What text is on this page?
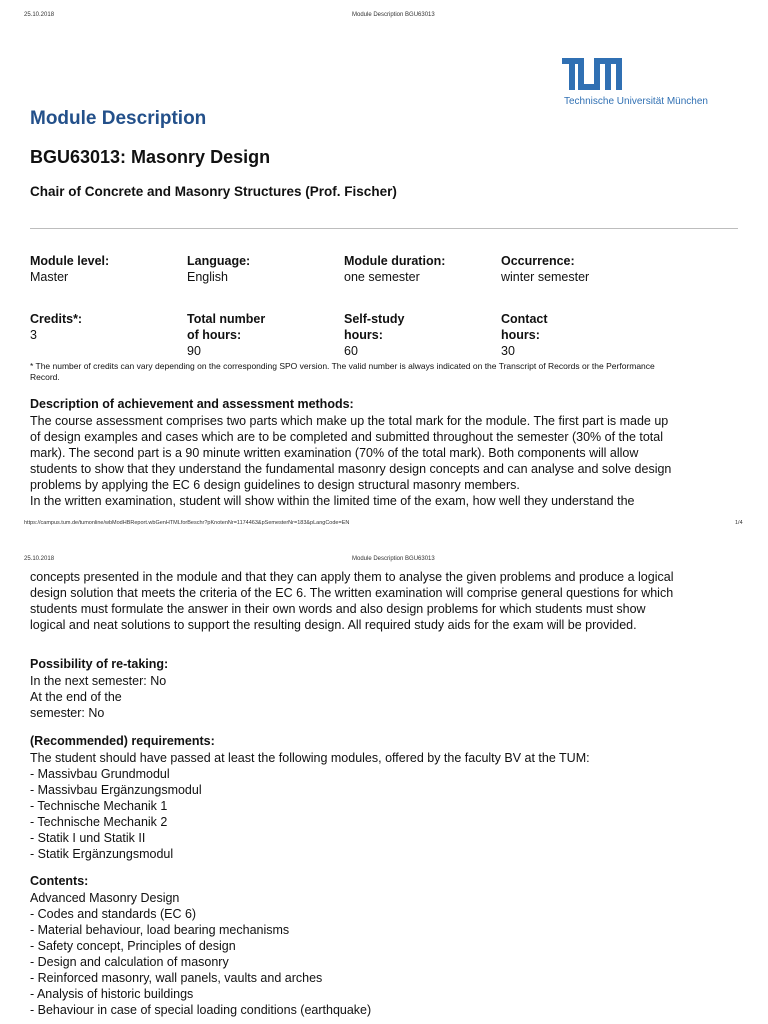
25.10.2018	Module Description BGU63013
Technische Universität München
Module Description
BGU63013: Masonry Design
Chair of Concrete and Masonry Structures (Prof. Fischer)
Module level:
Master
Language:
English
Module duration:
one semester
Occurrence:
winter semester
Credits*:
3
Total number
of hours:
90
Self-study
hours:
60
Contact
hours:
30
* The number of credits can vary depending on the corresponding SPO version. The valid number is always indicated on the Transcript of Records or the Performance
Record.
Description of achievement and assessment methods:
The course assessment comprises two parts which make up the total mark for the module. The first part is made up
of design examples and cases which are to be completed and submitted throughout the semester (30% of the total
mark). The second part is a 90 minute written examination (70% of the total mark). Both components will allow
students to show that they understand the fundamental masonry design concepts and can analyse and solve design
problems by applying the EC 6 design guidelines to design structural masonry members.
In the written examination, student will show within the limited time of the exam, how well they understand the
https://campus.tum.de/tumonline/wbModHBReport.wbGenHTMLforBeschr?pKnotenNr=1174463&pSemesterNr=183&pLangCode=EN	1/4
25.10.2018	Module Description BGU63013
concepts presented in the module and that they can apply them to analyse the given problems and produce a logical
design solution that meets the criteria of the EC 6. The written examination will comprise general questions for which
students must formulate the answer in their own words and also design problems for which students must show
logical and neat solutions to support the resulting design. All required study aids for the exam will be provided.
Possibility of re-taking:
In the next semester: No
At the end of the
semester: No
(Recommended) requirements:
The student should have passed at least the following modules, offered by the faculty BV at the TUM:
- Massivbau Grundmodul
- Massivbau Ergänzungsmodul
- Technische Mechanik 1
- Technische Mechanik 2
- Statik I und Statik II
- Statik Ergänzungsmodul
Contents:
Advanced Masonry Design
- Codes and standards (EC 6)
- Material behaviour, load bearing mechanisms
- Safety concept, Principles of design
- Design and calculation of masonry
- Reinforced masonry, wall panels, vaults and arches
- Analysis of historic buildings
- Behaviour in case of special loading conditions (earthquake)
